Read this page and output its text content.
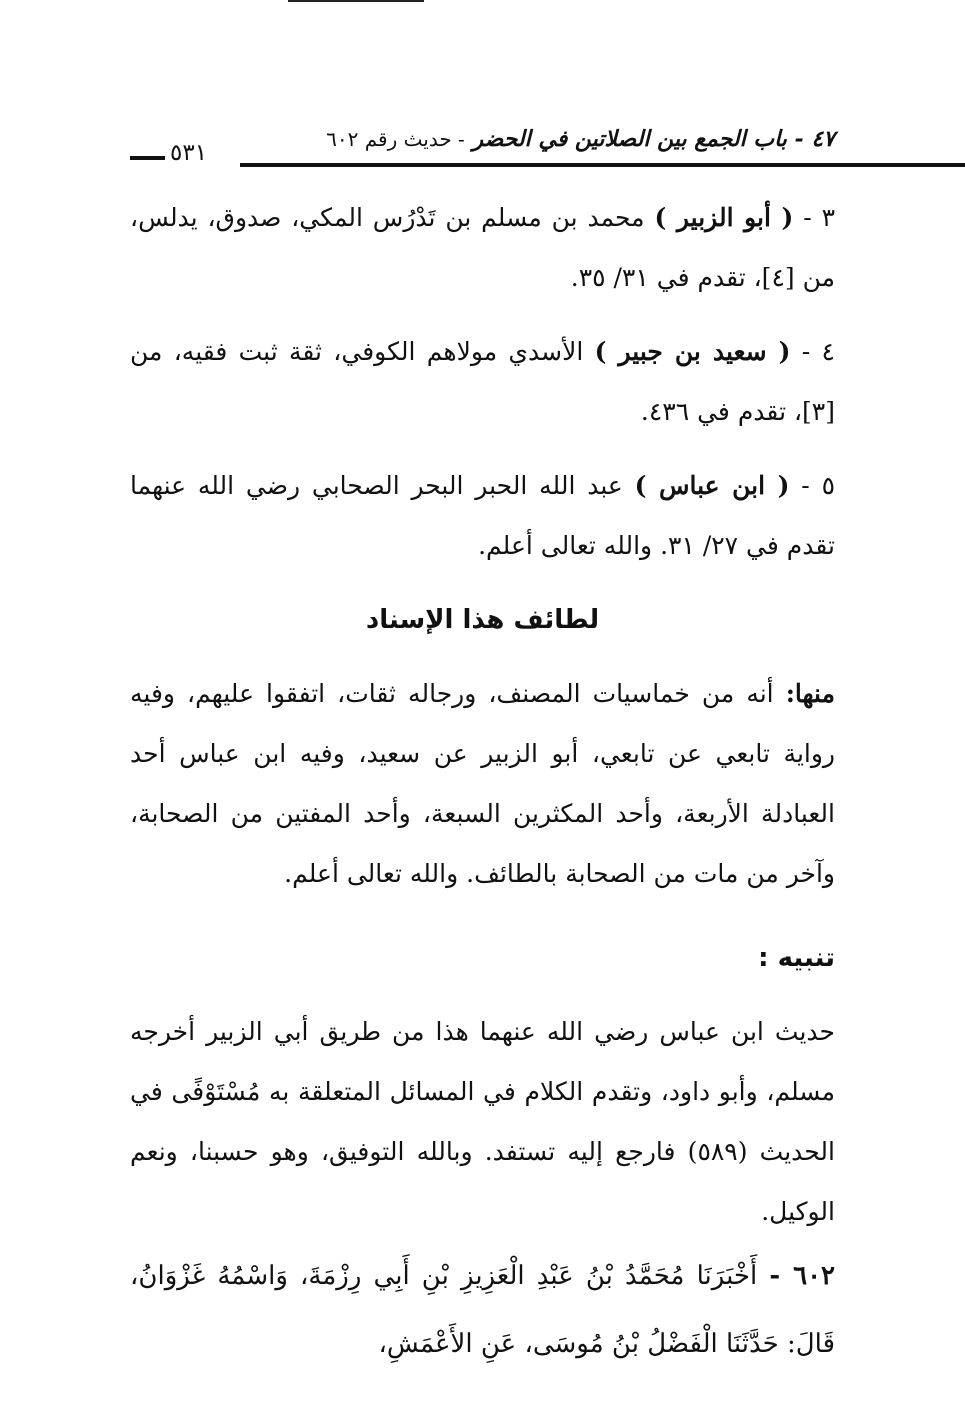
٤٧ - باب الجمع بين الصلاتين في الحضر - حديث رقم ٦٠٢
٥٣١

٣ - ( أبو الزبير ) محمد بن مسلم بن تَدْرُس المكي، صدوق، يدلس، من [٤]، تقدم في ٣١/ ٣٥.

٤ - ( سعيد بن جبير ) الأسدي مولاهم الكوفي، ثقة ثبت فقيه، من [٣]، تقدم في ٤٣٦.

٥ - ( ابن عباس ) عبد الله الحبر البحر الصحابي رضي الله عنهما تقدم في ٢٧/ ٣١. والله تعالى أعلم.

لطائف هذا الإسناد

منها: أنه من خماسيات المصنف، ورجاله ثقات، اتفقوا عليهم، وفيه رواية تابعي عن تابعي، أبو الزبير عن سعيد، وفيه ابن عباس أحد العبادلة الأربعة، وأحد المكثرين السبعة، وأحد المفتين من الصحابة، وآخر من مات من الصحابة بالطائف. والله تعالى أعلم.

تنبيه :

حديث ابن عباس رضي الله عنهما هذا من طريق أبي الزبير أخرجه مسلم، وأبو داود، وتقدم الكلام في المسائل المتعلقة به مُسْتَوْفًى في الحديث (٥٨٩) فارجع إليه تستفد. وبالله التوفيق، وهو حسبنا، ونعم الوكيل.

٦٠٢ - أَخْبَرَنَا مُحَمَّدُ بْنُ عَبْدِ الْعَزِيزِ بْنِ أَبِي رِزْمَةَ، وَاسْمُهُ غَزْوَانُ، قَالَ: حَدَّثَنَا الْفَضْلُ بْنُ مُوسَى، عَنِ الأَعْمَشِ،
